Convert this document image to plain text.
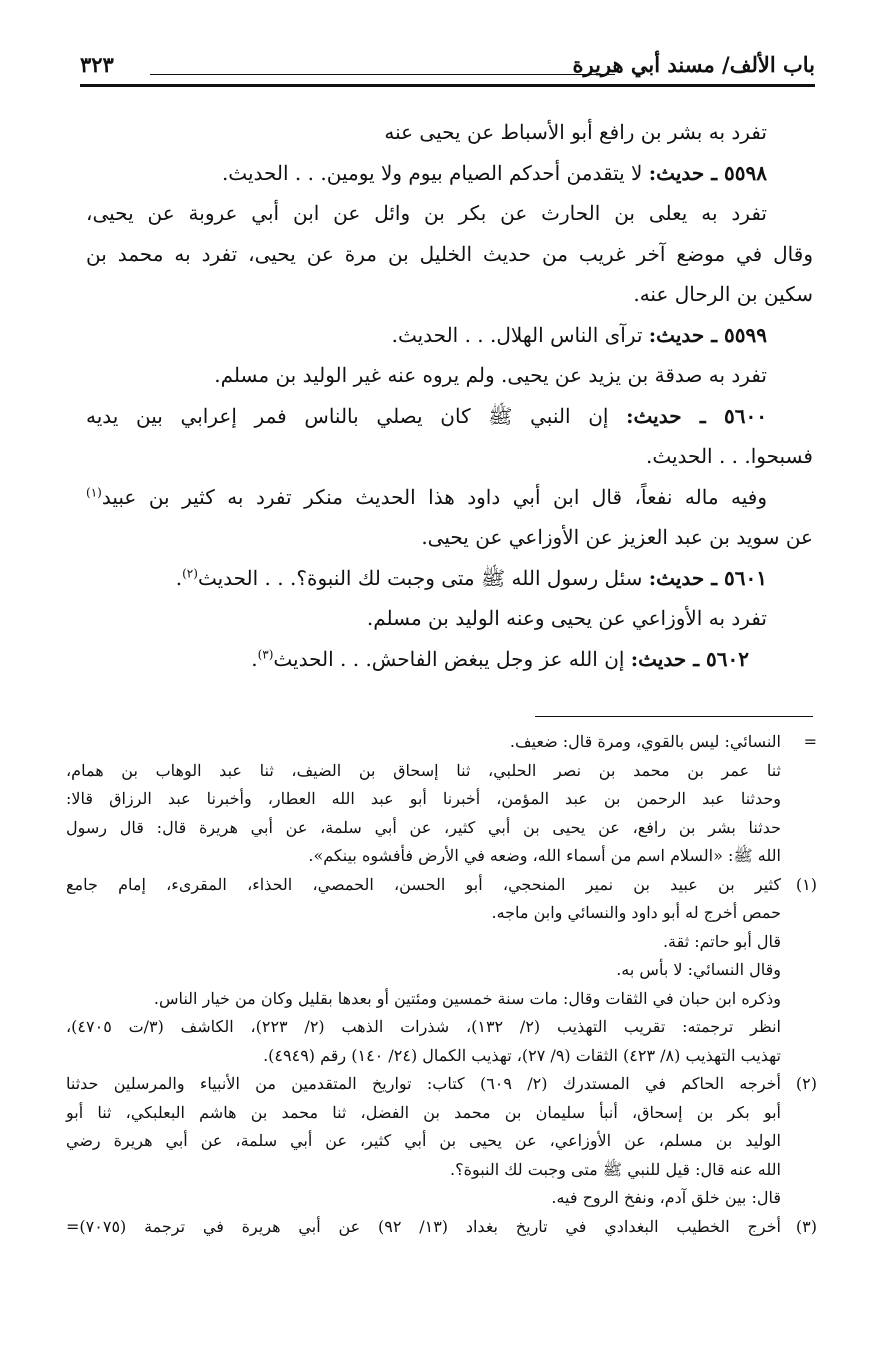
باب الألف/ مسند أبي هريرة
٣٢٣
تفرد به بشر بن رافع أبو الأسباط عن يحيى عنه
٥٥٩٨ ـ حديث: لا يتقدمن أحدكم الصيام بيوم ولا يومين. . . الحديث.
تفرد به يعلى بن الحارث عن بكر بن وائل عن ابن أبي عروبة عن يحيى،
وقال في موضع آخر غريب من حديث الخليل بن مرة عن يحيى، تفرد به محمد بن
سكين بن الرحال عنه.
٥٥٩٩ ـ حديث: ترآى الناس الهلال. . . الحديث.
تفرد به صدقة بن يزيد عن يحيى. ولم يروه عنه غير الوليد بن مسلم.
٥٦٠٠ ـ حديث: إن النبي ﷺ كان يصلي بالناس فمر إعرابي بين يديه
فسبحوا. . . الحديث.
وفيه ماله نفعاً، قال ابن أبي داود هذا الحديث منكر تفرد به كثير بن عبيد$^{(١)}$
عن سويد بن عبد العزيز عن الأوزاعي عن يحيى.
٥٦٠١ ـ حديث: سئل رسول الله ﷺ متى وجبت لك النبوة؟. . . الحديث$^{(٢)}$.
تفرد به الأوزاعي عن يحيى وعنه الوليد بن مسلم.
٥٦٠٢ ـ حديث: إن الله عز وجل يبغض الفاحش. . . الحديث$^{(٣)}$.
=
النسائي: ليس بالقوي، ومرة قال: ضعيف.
ثنا عمر بن محمد بن نصر الحلبي، ثنا إسحاق بن الضيف، ثنا عبد الوهاب بن همام،
وحدثنا عبد الرحمن بن عبد المؤمن، أخبرنا أبو عبد الله العطار، وأخبرنا عبد الرزاق قالا:
حدثنا بشر بن رافع، عن يحيى بن أبي كثير، عن أبي سلمة، عن أبي هريرة قال: قال رسول
الله ﷺ: «السلام اسم من أسماء الله، وضعه في الأرض فأفشوه بينكم».
(١)
كثير بن عبيد بن نمير المنحجي، أبو الحسن، الحمصي، الحذاء، المقرىء، إمام جامع
حمص أخرج له أبو داود والنسائي وابن ماجه.
قال أبو حاتم: ثقة.
وقال النسائي: لا بأس به.
وذكره ابن حبان في الثقات وقال: مات سنة خمسين ومئتين أو بعدها بقليل وكان من خيار الناس.
انظر ترجمته: تقريب التهذيب (٢/ ١٣٢)، شذرات الذهب (٢/ ٢٢٣)، الكاشف (٣/ت ٤٧٠٥)،
تهذيب التهذيب (٨/ ٤٢٣) الثقات (٩/ ٢٧)، تهذيب الكمال (٢٤/ ١٤٠) رقم (٤٩٤٩).
(٢)
أخرجه الحاكم في المستدرك (٢/ ٦٠٩) كتاب: تواريخ المتقدمين من الأنبياء والمرسلين حدثنا
أبو بكر بن إسحاق، أنبأ سليمان بن محمد بن الفضل، ثنا محمد بن هاشم البعلبكي، ثنا أبو
الوليد بن مسلم، عن الأوزاعي، عن يحيى بن أبي كثير، عن أبي سلمة، عن أبي هريرة رضي
الله عنه قال: قيل للنبي ﷺ متى وجبت لك النبوة؟.
قال: بين خلق آدم، ونفخ الروح فيه.
(٣)
أخرج الخطيب البغدادي في تاريخ بغداد (١٣/ ٩٢) عن أبي هريرة في ترجمة (٧٠٧٥)=
